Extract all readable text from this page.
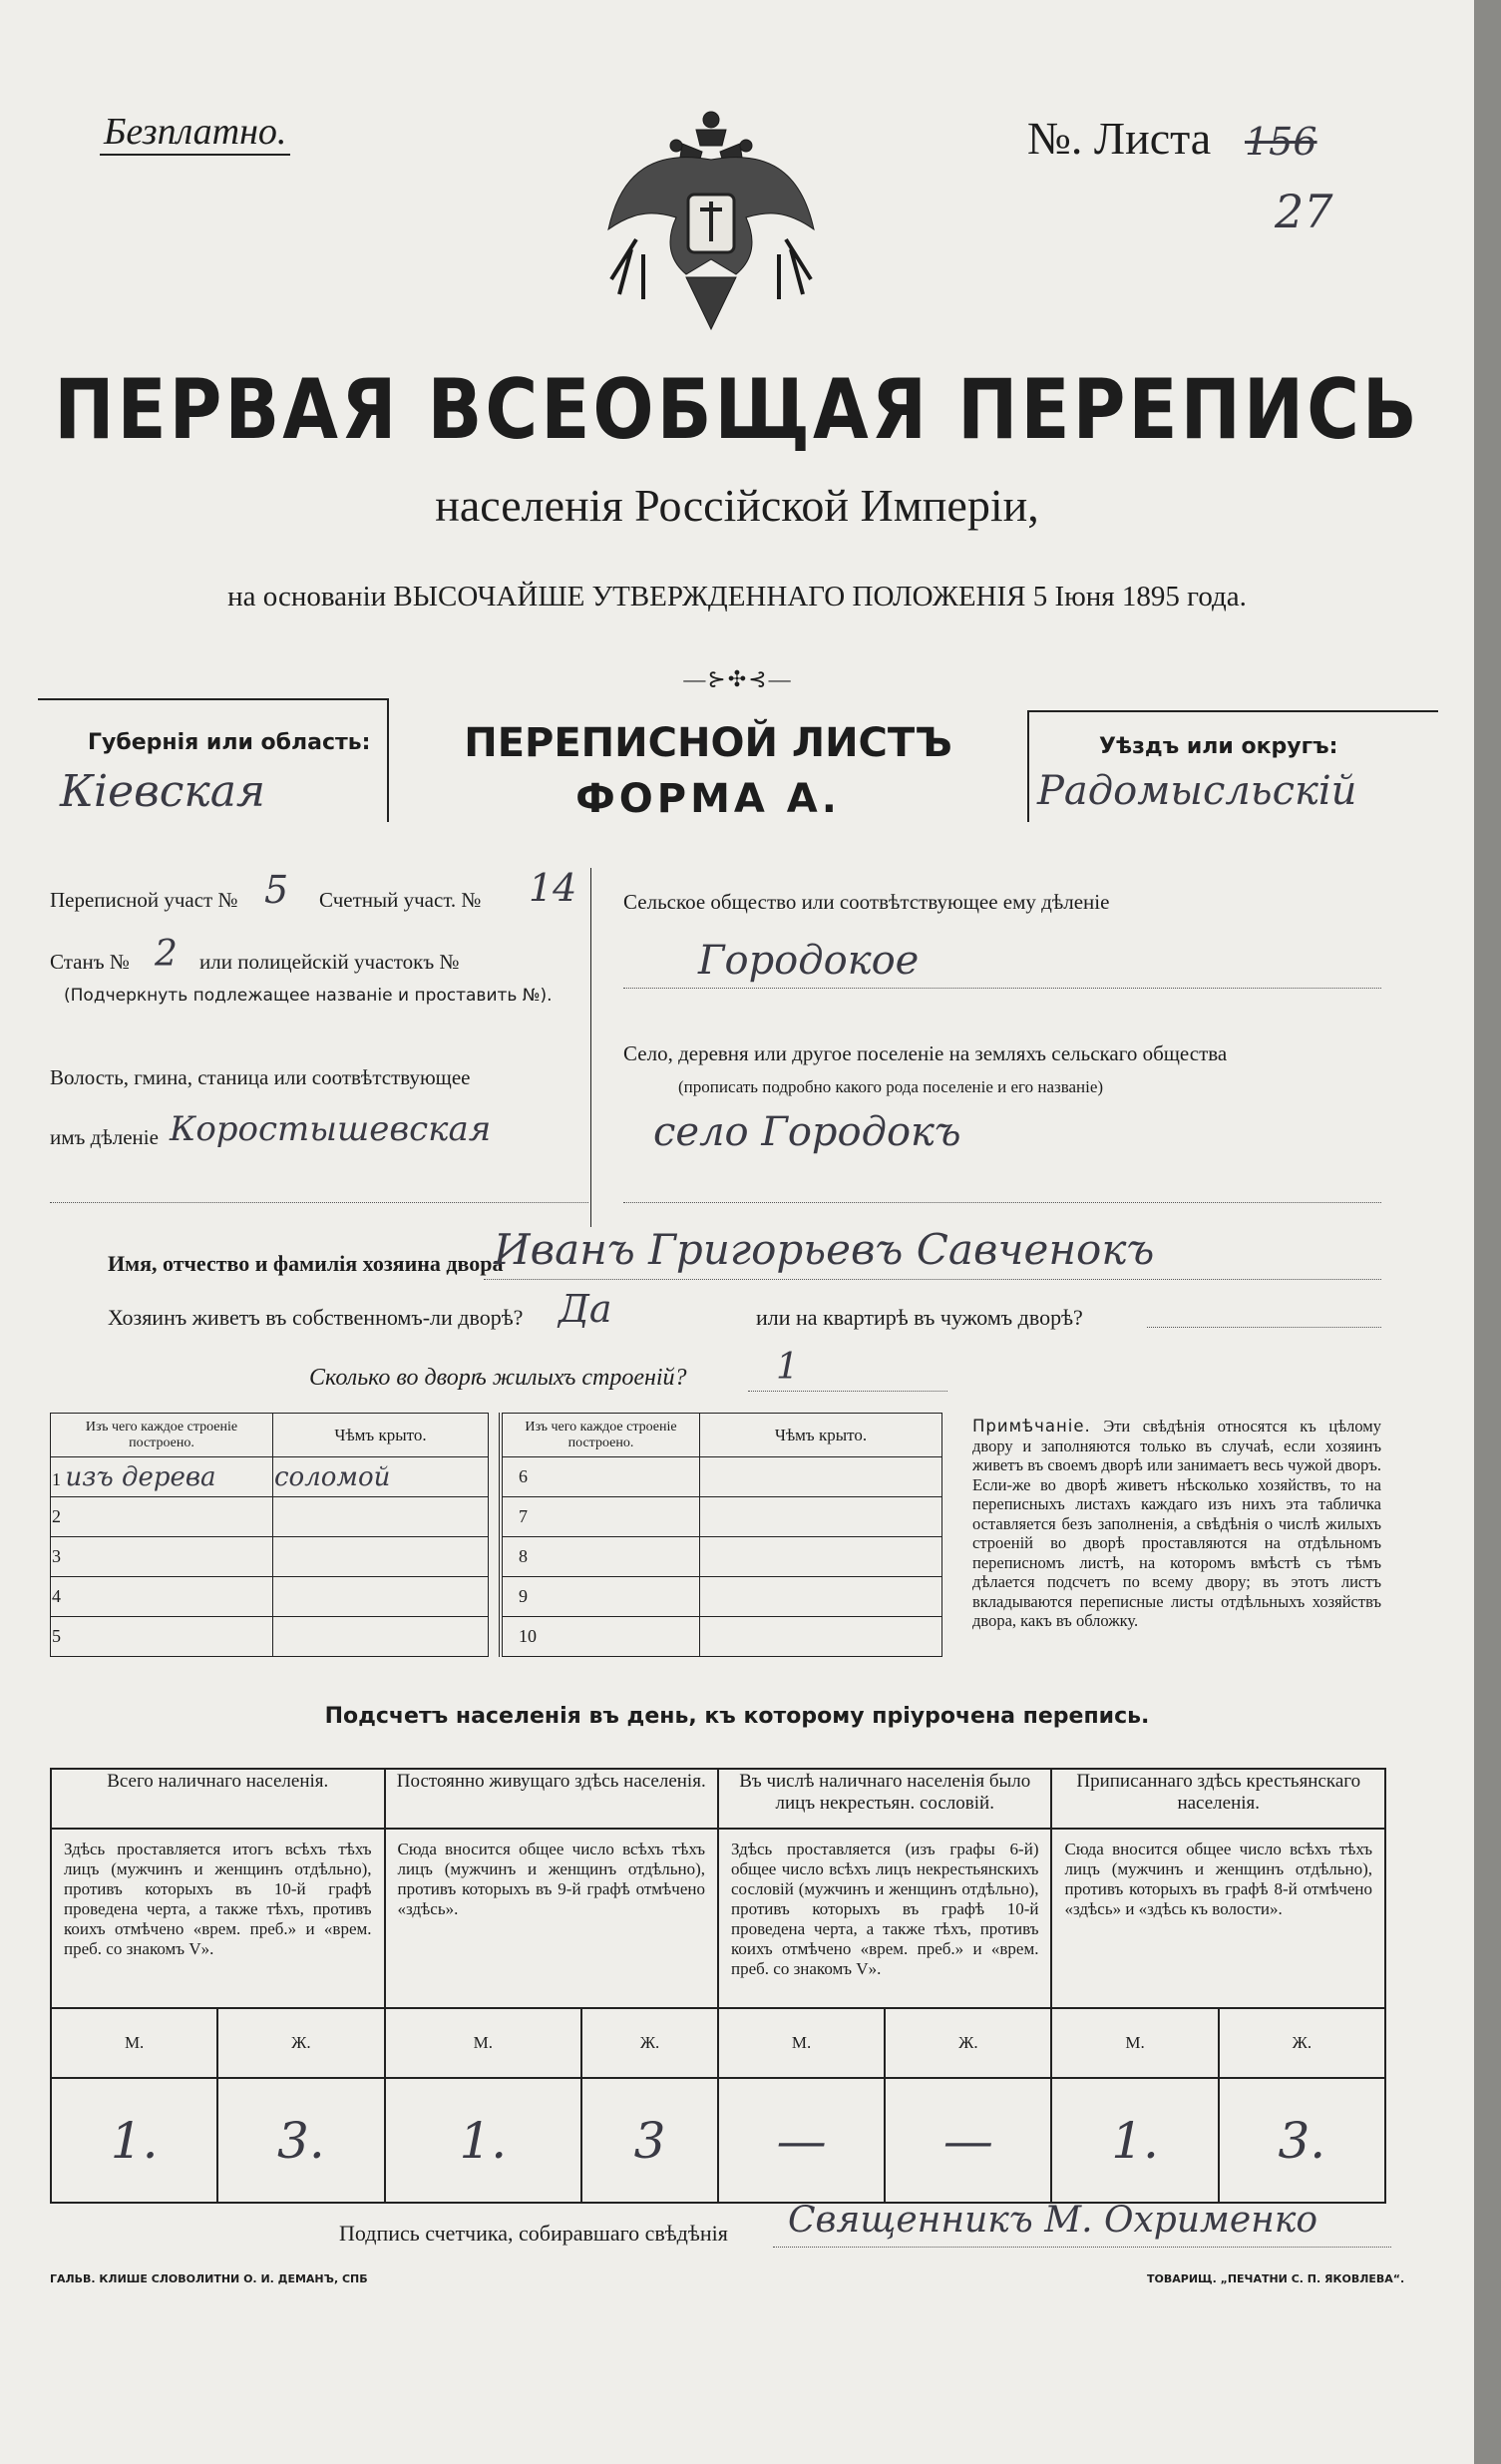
Безплатно.	№. Листа 156
27
ПЕРВАЯ ВСЕОБЩАЯ ПЕРЕПИСЬ
населенія Россійской Имперіи,
на основаніи ВЫСОЧАЙШЕ УТВЕРЖДЕННАГО ПОЛОЖЕНІЯ 5 Іюня 1895 года.
—⊱✣⊰—
Губернія или область:
Кіевская
ПЕРЕПИСНОЙ ЛИСТЪ
ФОРМА А.
Уѣздъ или округъ:
Радомысльскій
Переписной участ № 5 Счетный участ. № 14
Станъ № 2 или полицейскій участокъ №
(Подчеркнуть подлежащее названіе и проставить №).
Волость, гмина, станица или соотвѣтствующее
имъ дѣленіе Коростышевская
Сельское общество или соотвѣтствующее ему дѣленіе
Городокое
Село, деревня или другое поселеніе на земляхъ сельскаго общества
(прописать подробно какого рода поселеніе и его названіе)
село Городокъ
Имя, отчество и фамилія хозяина двора
Иванъ Григорьевъ Савченокъ
Хозяинъ живетъ въ собственномъ-ли дворѣ? Да	или на квартирѣ въ чужомъ дворѣ?
Сколько во дворѣ жилыхъ строеній? 1
Изъ чего каждое строеніе построено.	Чѣмъ крыто.
1 изъ дерева	соломой
2	
3	
4	
5	
Изъ чего каждое строеніе построено.	Чѣмъ крыто.
6	
7	
8	
9	
10	
Примѣчаніе. Эти свѣдѣнія относятся къ цѣлому двору и заполняются только въ случаѣ, если хозяинъ живетъ въ своемъ дворѣ или занимаетъ весь чужой дворъ. Если-же во дворѣ живетъ нѣсколько хозяйствъ, то на переписныхъ листахъ каждаго изъ нихъ эта табличка оставляется безъ заполненія, а свѣдѣнія о числѣ жилыхъ строеній во дворѣ проставляются на отдѣльномъ переписномъ листѣ, на которомъ вмѣстѣ съ тѣмъ дѣлается подсчетъ по всему двору; въ этотъ листъ вкладываются переписные листы отдѣльныхъ хозяйствъ двора, какъ въ обложку.
Подсчетъ населенія въ день, къ которому пріурочена перепись.
Всего наличнаго населенія.		Постоянно живущаго здѣсь населенія.		Въ числѣ наличнаго населенія было лицъ некрестьян. сословій.		Приписаннаго здѣсь крестьянскаго населенія.	
Здѣсь проставляется итогъ всѣхъ тѣхъ лицъ (мужчинъ и женщинъ отдѣльно), противъ которыхъ въ 10-й графѣ проведена черта, а также тѣхъ, противъ коихъ отмѣчено «врем. преб.» и «врем. преб. со знакомъ V».		Сюда вносится общее число всѣхъ тѣхъ лицъ (мужчинъ и женщинъ отдѣльно), противъ которыхъ въ 9-й графѣ отмѣчено «здѣсь».		Здѣсь проставляется (изъ графы 6-й) общее число всѣхъ лицъ некрестьянскихъ сословій (мужчинъ и женщинъ отдѣльно), противъ которыхъ въ графѣ 10-й проведена черта, а также тѣхъ, противъ коихъ отмѣчено «врем. преб.» и «врем. преб. со знакомъ V».		Сюда вносится общее число всѣхъ тѣхъ лицъ (мужчинъ и женщинъ отдѣльно), противъ которыхъ въ графѣ 8-й отмѣчено «здѣсь» и «здѣсь къ волости».	
М.	Ж.	М.	Ж.	М.	Ж.	М.	Ж.
1.	3.	1.	3	—	—	1.	3.
Подпись счетчика, собиравшаго свѣдѣнія Священникъ М. Охрименко
ГАЛЬВ. КЛИШЕ СЛОВОЛИТНИ О. И. ДЕМАНЪ, СПБ	ТОВАРИЩ. „ПЕЧАТНИ С. П. ЯКОВЛЕВА“.
